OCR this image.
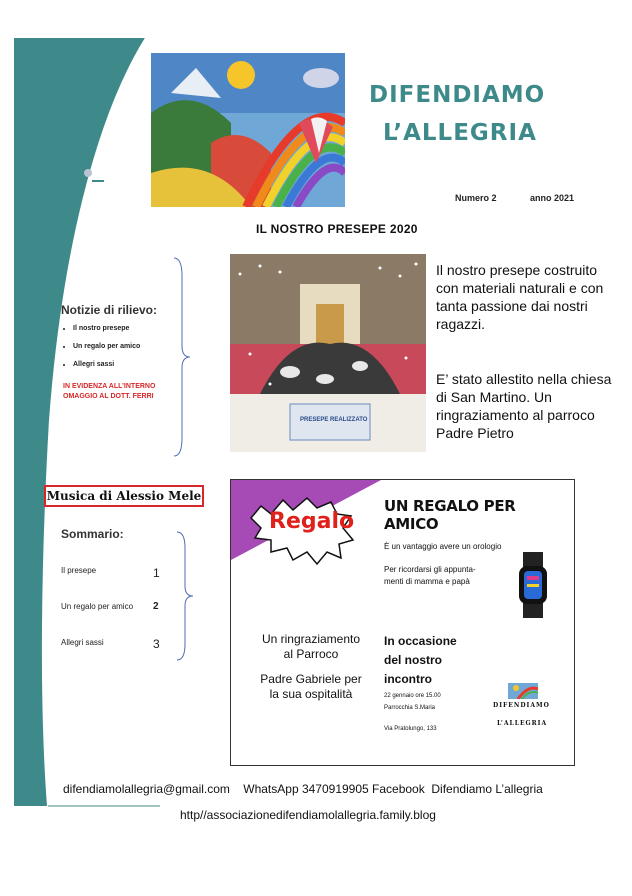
DIFENDIAMO
L’ALLEGRIA
Numero 2	anno 2021
IL NOSTRO PRESEPE 2020
Notizie di rilievo:
• Il nostro presepe
• Un regalo per amico
• Allegri sassi
IN EVIDENZA ALL’INTERNO
OMAGGIO AL DOTT. FERRI
PRESEPE REALIZZATO
Il nostro presepe costruito con materiali naturali e con tanta passione dai nostri ragazzi.
E’ stato allestito nella chiesa di San Martino. Un ringraziamento al parroco Padre Pietro
Musica di Alessio Mele
Sommario:
Il presepe	1
Un regalo per amico 2
Allegri sassi	3
Regalo
UN REGALO PER AMICO
È un vantaggio avere un orologio
Per ricordarsi gli appunta-
menti di mamma e papà
Un ringraziamento
al Parroco
Padre Gabriele per
la sua ospitalità
In occasione
del nostro
incontro
22 gennaio ore 15.00
Parrocchia S.Maria
Via Pratolungo, 133
DIFENDIAMO
L’ALLEGRIA
difendiamolallegria@gmail.com    WhatsApp 3470919905 Facebook  Difendiamo L’allegria
http//associazionedifendiamolallegria.family.blog
